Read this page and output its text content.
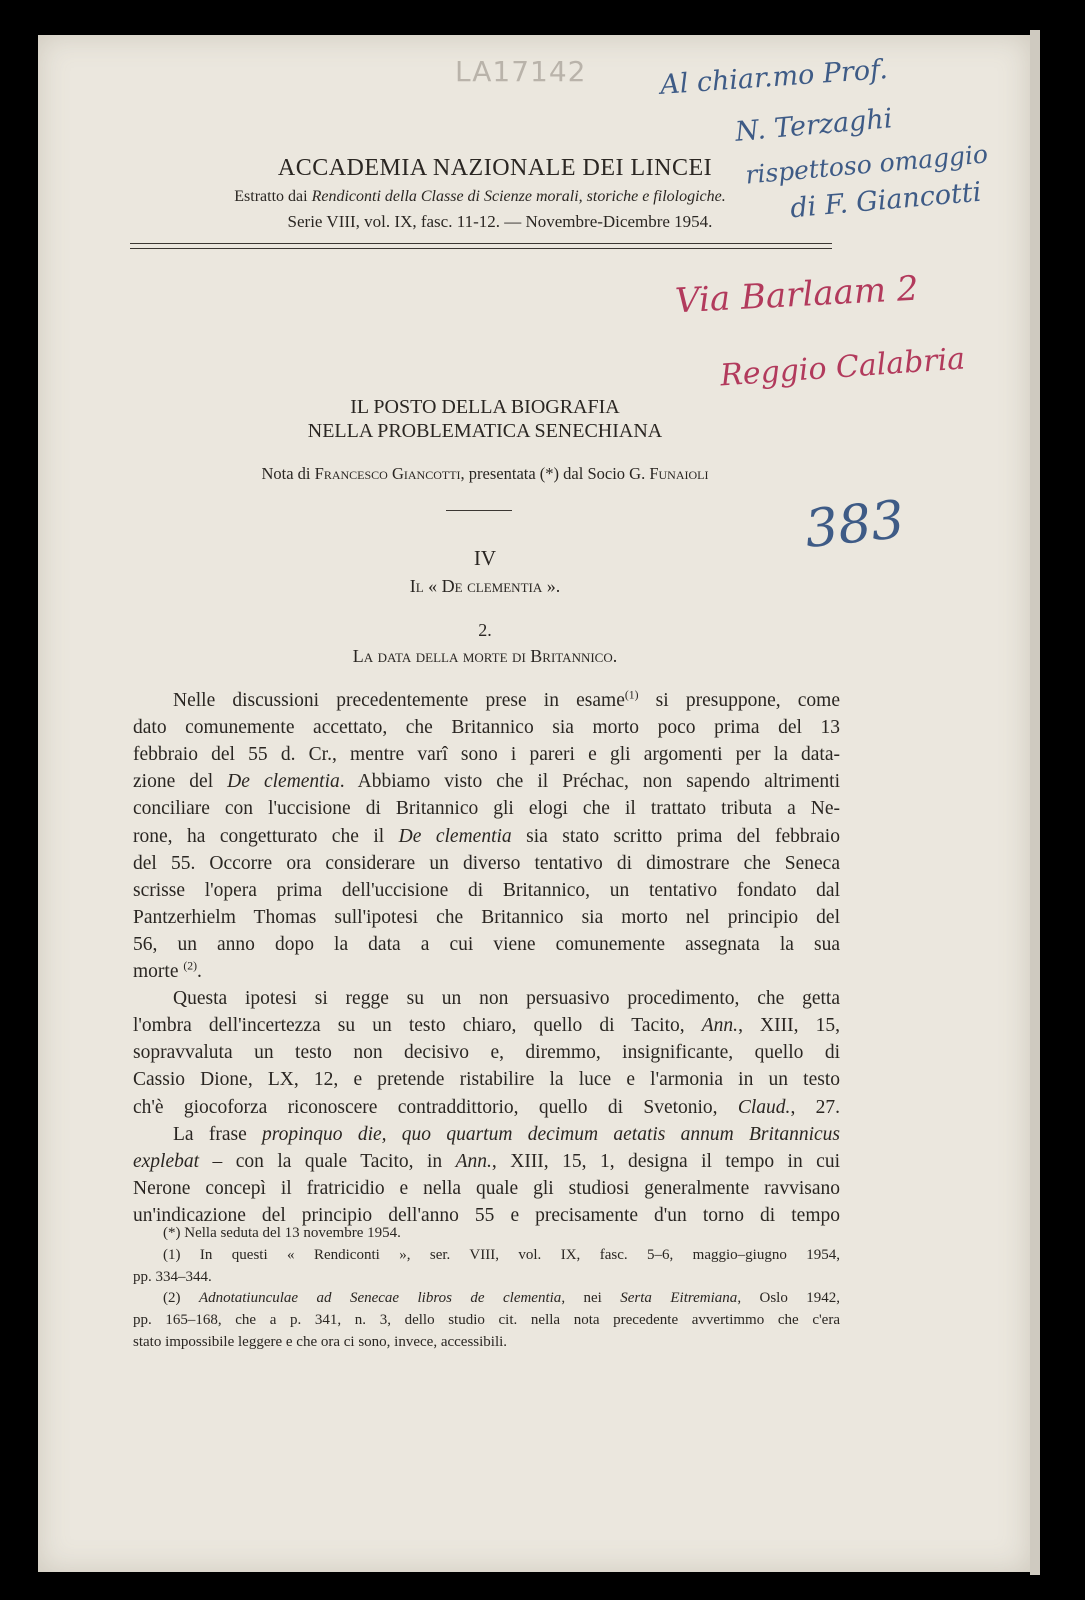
LA17142	Al chiar.mo Prof.
N. Terzaghi
rispettoso omaggio
di F. Giancotti
Via Barlaam 2
Reggio Calabria
383
ACCADEMIA NAZIONALE DEI LINCEI
Estratto dai Rendiconti della Classe di Scienze morali, storiche e filologiche.
Serie VIII, vol. IX, fasc. 11-12. — Novembre-Dicembre 1954.
IL POSTO DELLA BIOGRAFIA
NELLA PROBLEMATICA SENECHIANA
Nota di Francesco Giancotti, presentata (*) dal Socio G. Funaioli
IV
Il « De clementia ».
2.
La data della morte di Britannico.
Nelle discussioni precedentemente prese in esame$^{(1)}$ si presuppone, come
dato comunemente accettato, che Britannico sia morto poco prima del 13
febbraio del 55 d. Cr., mentre varî sono i pareri e gli argomenti per la data-
zione del De clementia. Abbiamo visto che il Préchac, non sapendo altrimenti
conciliare con l'uccisione di Britannico gli elogi che il trattato tributa a Ne-
rone, ha congetturato che il De clementia sia stato scritto prima del febbraio
del 55. Occorre ora considerare un diverso tentativo di dimostrare che Seneca
scrisse l'opera prima dell'uccisione di Britannico, un tentativo fondato dal
Pantzerhielm Thomas sull'ipotesi che Britannico sia morto nel principio del
56, un anno dopo la data a cui viene comunemente assegnata la sua
morte $^{(2)}$.
Questa ipotesi si regge su un non persuasivo procedimento, che getta
l'ombra dell'incertezza su un testo chiaro, quello di Tacito, Ann., XIII, 15,
sopravvaluta un testo non decisivo e, diremmo, insignificante, quello di
Cassio Dione, LX, 12, e pretende ristabilire la luce e l'armonia in un testo
ch'è giocoforza riconoscere contraddittorio, quello di Svetonio, Claud., 27.
La frase propinquo die, quo quartum decimum aetatis annum Britannicus
explebat – con la quale Tacito, in Ann., XIII, 15, 1, designa il tempo in cui
Nerone concepì il fratricidio e nella quale gli studiosi generalmente ravvisano
un'indicazione del principio dell'anno 55 e precisamente d'un torno di tempo
(*) Nella seduta del 13 novembre 1954.
(1) In questi « Rendiconti », ser. VIII, vol. IX, fasc. 5–6, maggio–giugno 1954,
pp. 334–344.
(2) Adnotatiunculae ad Senecae libros de clementia, nei Serta Eitremiana, Oslo 1942,
pp. 165–168, che a p. 341, n. 3, dello studio cit. nella nota precedente avvertimmo che c'era
stato impossibile leggere e che ora ci sono, invece, accessibili.
